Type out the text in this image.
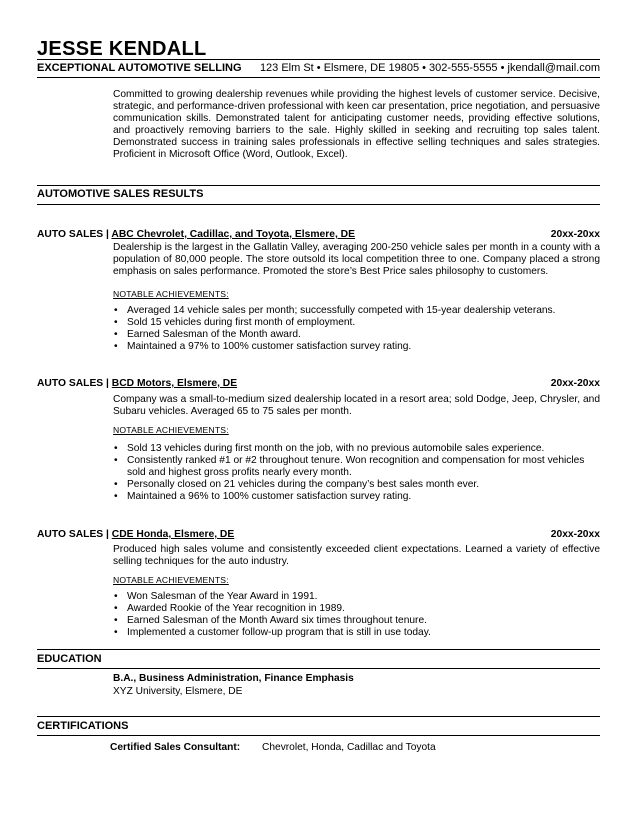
JESSE KENDALL
EXCEPTIONAL AUTOMOTIVE SELLING 123 Elm St • Elsmere, DE 19805 • 302-555-5555 • jkendall@mail.com
Committed to growing dealership revenues while providing the highest levels of customer service. Decisive, strategic, and performance-driven professional with keen car presentation, price negotiation, and persuasive communication skills. Demonstrated talent for anticipating customer needs, providing effective solutions, and proactively removing barriers to the sale. Highly skilled in seeking and recruiting top sales talent. Demonstrated success in training sales professionals in effective selling techniques and sales strategies. Proficient in Microsoft Office (Word, Outlook, Excel).
AUTOMOTIVE SALES RESULTS
AUTO SALES | ABC Chevrolet, Cadillac, and Toyota, Elsmere, DE	20xx-20xx
Dealership is the largest in the Gallatin Valley, averaging 200-250 vehicle sales per month in a county with a population of 80,000 people. The store outsold its local competition three to one. Company placed a strong emphasis on sales performance. Promoted the store’s Best Price sales philosophy to customers.
NOTABLE ACHIEVEMENTS:
• Averaged 14 vehicle sales per month; successfully competed with 15-year dealership veterans.
• Sold 15 vehicles during first month of employment.
• Earned Salesman of the Month award.
• Maintained a 97% to 100% customer satisfaction survey rating.
AUTO SALES | BCD Motors, Elsmere, DE	20xx-20xx
Company was a small-to-medium sized dealership located in a resort area; sold Dodge, Jeep, Chrysler, and Subaru vehicles. Averaged 65 to 75 sales per month.
NOTABLE ACHIEVEMENTS:
• Sold 13 vehicles during first month on the job, with no previous automobile sales experience.
• Consistently ranked #1 or #2 throughout tenure. Won recognition and compensation for most vehicles sold and highest gross profits nearly every month.
• Personally closed on 21 vehicles during the company’s best sales month ever.
• Maintained a 96% to 100% customer satisfaction survey rating.
AUTO SALES | CDE Honda, Elsmere, DE	20xx-20xx
Produced high sales volume and consistently exceeded client expectations. Learned a variety of effective selling techniques for the auto industry.
NOTABLE ACHIEVEMENTS:
• Won Salesman of the Year Award in 1991.
• Awarded Rookie of the Year recognition in 1989.
• Earned Salesman of the Month Award six times throughout tenure.
• Implemented a customer follow-up program that is still in use today.
EDUCATION
B.A., Business Administration, Finance Emphasis
XYZ University, Elsmere, DE
CERTIFICATIONS
Certified Sales Consultant: Chevrolet, Honda, Cadillac and Toyota
